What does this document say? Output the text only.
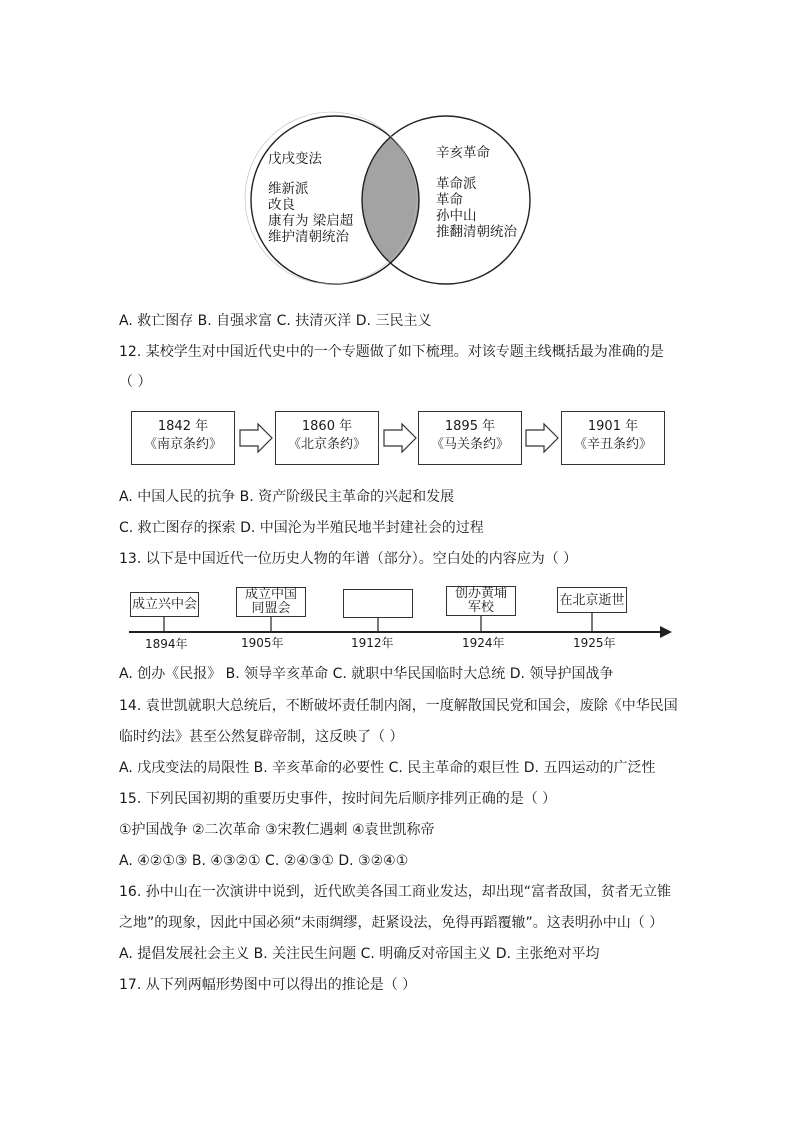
戊戌变法
维新派
改良
康有为 梁启超
维护清朝统治
辛亥革命
革命派
革命
孙中山
推翻清朝统治
A. 救亡图存 B. 自强求富 C. 扶清灭洋 D. 三民主义
12. 某校学生对中国近代史中的一个专题做了如下梳理。对该专题主线概括最为准确的是
（ ）
1842 年
《南京条约》
1860 年
《北京条约》
1895 年
《马关条约》
1901 年
《辛丑条约》
A. 中国人民的抗争 B. 资产阶级民主革命的兴起和发展
C. 救亡图存的探索 D. 中国沦为半殖民地半封建社会的过程
13. 以下是中国近代一位历史人物的年谱（部分）。空白处的内容应为（ ）
成立兴中会
成立中国同盟会
创办黄埔军校	在北京逝世
1894年	1905年	1912年	1924年	1925年
A. 创办《民报》 B. 领导辛亥革命 C. 就职中华民国临时大总统 D. 领导护国战争
14. 袁世凯就职大总统后，不断破坏责任制内阁，一度解散国民党和国会，废除《中华民国
临时约法》甚至公然复辟帝制，这反映了（ ）
A. 戊戌变法的局限性 B. 辛亥革命的必要性 C. 民主革命的艰巨性 D. 五四运动的广泛性
15. 下列民国初期的重要历史事件，按时间先后顺序排列正确的是（ ）
①护国战争 ②二次革命 ③宋教仁遇刺 ④袁世凯称帝
A. ④②①③ B. ④③②① C. ②④③① D. ③②④①
16. 孙中山在一次演讲中说到，近代欧美各国工商业发达，却出现“富者敌国，贫者无立锥
之地”的现象，因此中国必须“未雨绸缪，赶紧设法，免得再蹈覆辙”。这表明孙中山（ ）
A. 提倡发展社会主义 B. 关注民生问题 C. 明确反对帝国主义 D. 主张绝对平均
17. 从下列两幅形势图中可以得出的推论是（ ）
